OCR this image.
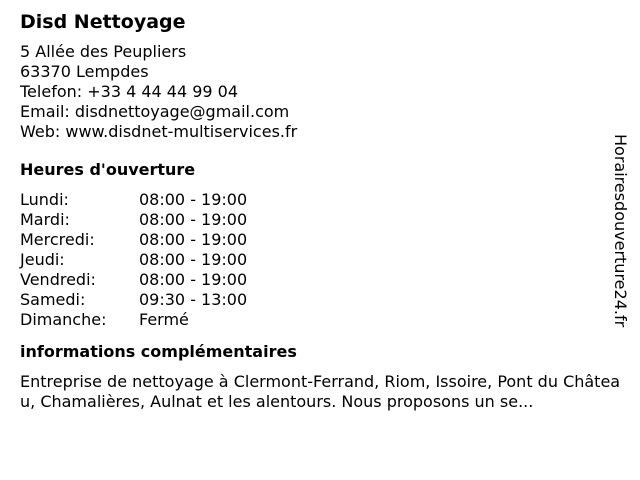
Disd Nettoyage
5 Allée des Peupliers
63370 Lempdes
Telefon: +33 4 44 44 99 04
Email: disdnettoyage@gmail.com
Web: www.disdnet-multiservices.fr
Heures d'ouverture
Lundi:	08:00 - 19:00
Mardi:	08:00 - 19:00
Mercredi:	08:00 - 19:00
Jeudi:	08:00 - 19:00
Vendredi:	08:00 - 19:00
Samedi:	09:30 - 13:00
Dimanche:	Fermé
informations complémentaires
Entreprise de nettoyage à Clermont-Ferrand, Riom, Issoire, Pont du Château, Chamalières, Aulnat et les alentours. Nous proposons un se...
Horairesdouverture24.fr
